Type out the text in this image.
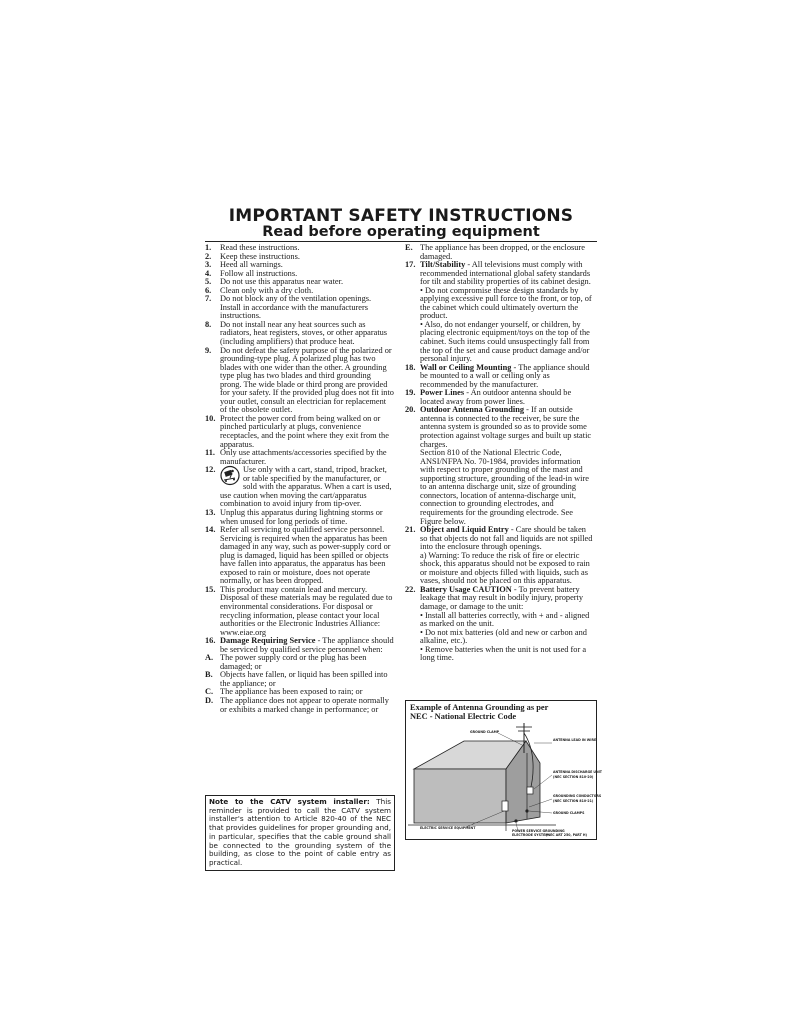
IMPORTANT SAFETY INSTRUCTIONS
Read before operating equipment
1.	Read these instructions.
2.	Keep these instructions.
3.	Heed all warnings.
4.	Follow all instructions.
5.	Do not use this apparatus near water.
6.	Clean only with a dry cloth.
7.	Do not block any of the ventilation openings. Install in accordance with the manufacturers instructions.
8.	Do not install near any heat sources such as radiators, heat registers, stoves, or other apparatus (including amplifiers) that produce heat.
9.	Do not defeat the safety purpose of the polarized or grounding-type plug. A polarized plug has two blades with one wider than the other. A grounding type plug has two blades and third grounding prong. The wide blade or third prong are provided for your safety. If the provided plug does not fit into your outlet, consult an electrician for replacement of the obsolete outlet.
10. Protect the power cord from being walked on or pinched particularly at plugs, convenience receptacles, and the point where they exit from the apparatus.
11. Only use attachments/accessories specified by the manufacturer.
12.	Use only with a cart, stand, tripod, bracket, or table specified by the manufacturer, or sold with the apparatus. When a cart is used, use caution when moving the cart/apparatus combination to avoid injury from tip-over.
13. Unplug this apparatus during lightning storms or when unused for long periods of time.
14. Refer all servicing to qualified service personnel. Servicing is required when the apparatus has been damaged in any way, such as power-supply cord or plug is damaged, liquid has been spilled or objects have fallen into apparatus, the apparatus has been exposed to rain or moisture, does not operate normally, or has been dropped.
15. This product may contain lead and mercury. Disposal of these materials may be regulated due to environmental considerations. For disposal or recycling information, please contact your local authorities or the Electronic Industries Alliance: www.eiae.org
16. Damage Requiring Service - The appliance should be serviced by qualified service personnel when:
A. The power supply cord or the plug has been damaged; or
B. Objects have fallen, or liquid has been spilled into the appliance; or
C. The appliance has been exposed to rain; or
D. The appliance does not appear to operate normally or exhibits a marked change in performance; or
E. The appliance has been dropped, or the enclosure damaged.
17. Tilt/Stability - All televisions must comply with recommended international global safety standards for tilt and stability properties of its cabinet design.
• Do not compromise these design standards by applying excessive pull force to the front, or top, of the cabinet which could ultimately overturn the product.
• Also, do not endanger yourself, or children, by placing electronic equipment/toys on the top of the cabinet. Such items could unsuspectingly fall from the top of the set and cause product damage and/or personal injury.
18. Wall or Ceiling Mounting - The appliance should be mounted to a wall or ceiling only as recommended by the manufacturer.
19. Power Lines - An outdoor antenna should be located away from power lines.
20. Outdoor Antenna Grounding - If an outside antenna is connected to the receiver, be sure the antenna system is grounded so as to provide some protection against voltage surges and built up static charges.
Section 810 of the National Electric Code, ANSI/NFPA No. 70-1984, provides information with respect to proper grounding of the mast and supporting structure, grounding of the lead-in wire to an antenna discharge unit, size of grounding connectors, location of antenna-discharge unit, connection to grounding electrodes, and requirements for the grounding electrode. See Figure below.
21. Object and Liquid Entry - Care should be taken so that objects do not fall and liquids are not spilled into the enclosure through openings.
a) Warning: To reduce the risk of fire or electric shock, this apparatus should not be exposed to rain or moisture and objects filled with liquids, such as vases, should not be placed on this apparatus.
22. Battery Usage CAUTION - To prevent battery leakage that may result in bodily injury, property damage, or damage to the unit:
• Install all batteries correctly, with + and - aligned as marked on the unit.
• Do not mix batteries (old and new or carbon and alkaline, etc.).
• Remove batteries when the unit is not used for a long time.
Note to the CATV system installer: This reminder is provided to call the CATV system installer's attention to Article 820-40 of the NEC that provides guidelines for proper grounding and, in particular, specifies that the cable ground shall be connected to the grounding system of the building, as close to the point of cable entry as practical.
Example of Antenna Grounding as per
NEC - National Electric Code
GROUND CLAMP
ANTENNA LEAD IN WIRE
ANTENNA DISCHARGE UNIT
(NEC SECTION 810-20)
GROUNDING CONDUCTORS
(NEC SECTION 810-21)
GROUND CLAMPS
ELECTRIC SERVICE EQUIPMENT
POWER SERVICE GROUNDING
ELECTRODE SYSTEM
(NEC ART 250, PART H)
